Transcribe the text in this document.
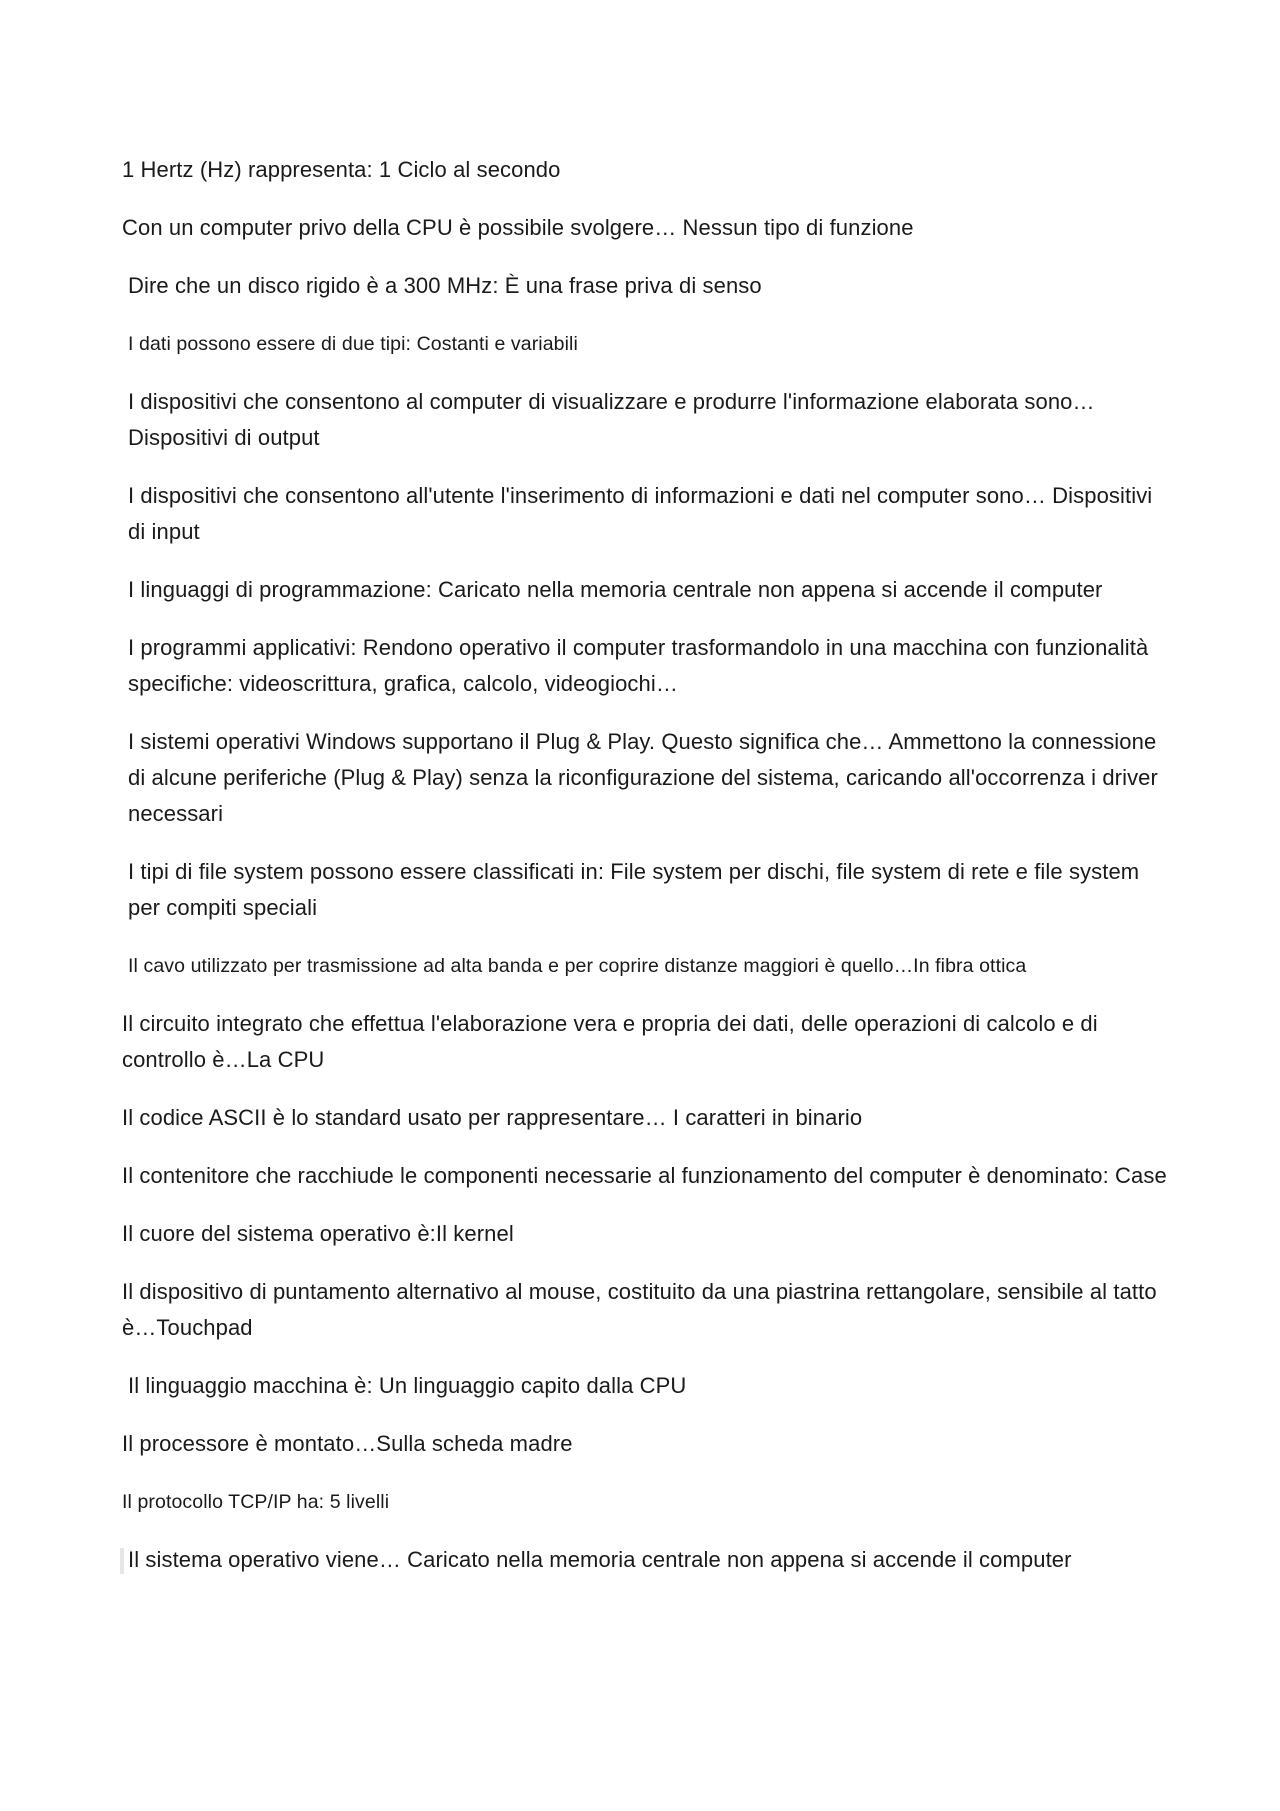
1 Hertz (Hz) rappresenta: 1 Ciclo al secondo

Con un computer privo della CPU è possibile svolgere… Nessun tipo di funzione

Dire che un disco rigido è a 300 MHz: È una frase priva di senso

I dati possono essere di due tipi: Costanti e variabili

I dispositivi che consentono al computer di visualizzare e produrre l'informazione elaborata sono… Dispositivi di output

I dispositivi che consentono all'utente l'inserimento di informazioni e dati nel computer sono… Dispositivi di input

I linguaggi di programmazione: Caricato nella memoria centrale non appena si accende il computer

I programmi applicativi: Rendono operativo il computer trasformandolo in una macchina con funzionalità specifiche: videoscrittura, grafica, calcolo, videogiochi…

I sistemi operativi Windows supportano il Plug & Play. Questo significa che… Ammettono la connessione di alcune periferiche (Plug & Play) senza la riconfigurazione del sistema, caricando all'occorrenza i driver necessari

I tipi di file system possono essere classificati in: File system per dischi, file system di rete e file system per compiti speciali

Il cavo utilizzato per trasmissione ad alta banda e per coprire distanze maggiori è quello…In fibra ottica

Il circuito integrato che effettua l'elaborazione vera e propria dei dati, delle operazioni di calcolo e di controllo è…La CPU

Il codice ASCII è lo standard usato per rappresentare… I caratteri in binario

Il contenitore che racchiude le componenti necessarie al funzionamento del computer è denominato: Case

Il cuore del sistema operativo è:Il kernel

Il dispositivo di puntamento alternativo al mouse, costituito da una piastrina rettangolare, sensibile al tatto è…Touchpad

Il linguaggio macchina è: Un linguaggio capito dalla CPU

Il processore è montato…Sulla scheda madre

Il protocollo TCP/IP ha: 5 livelli

Il sistema operativo viene… Caricato nella memoria centrale non appena si accende il computer
